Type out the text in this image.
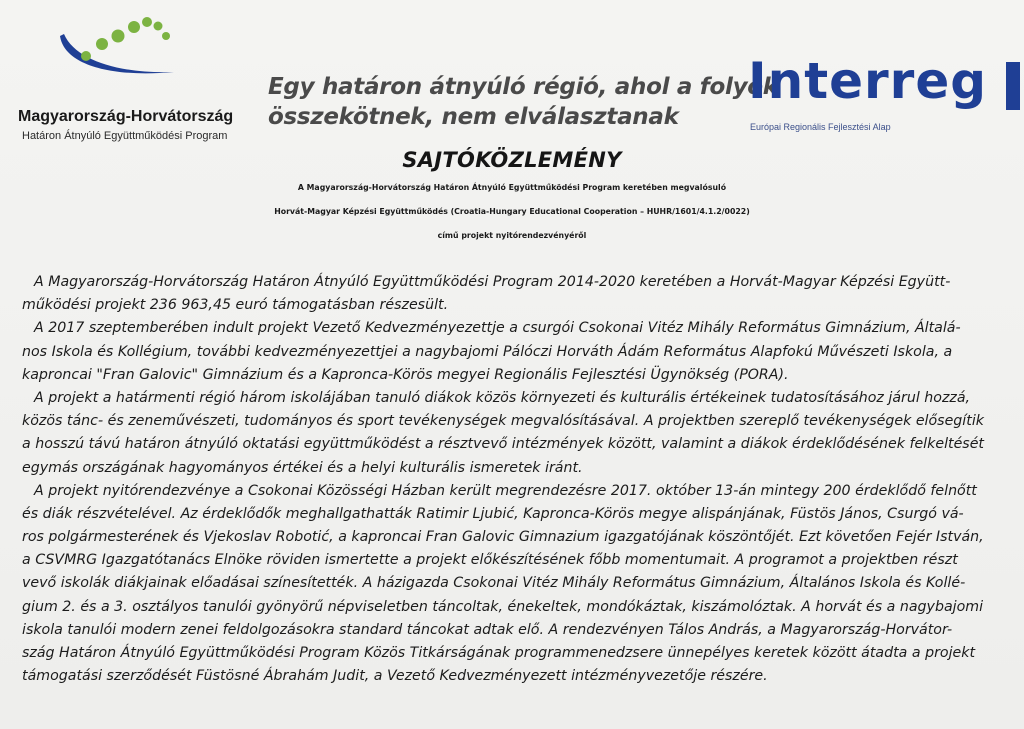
Magyarország-Horvátország
Határon Átnyúló Együttműködési Program
Egy határon átnyúló régió, ahol a folyók
összekötnek, nem elválasztanak
Interreg
Európai Regionális Fejlesztési Alap
SAJTÓKÖZLEMÉNY
A Magyarország-Horvátország Határon Átnyúló Együttműködési Program keretében megvalósuló
Horvát-Magyar Képzési Együttműködés (Croatia-Hungary Educational Cooperation – HUHR/1601/4.1.2/0022)
című projekt nyitórendezvényéről
A Magyarország-Horvátország Határon Átnyúló Együttműködési Program 2014-2020 keretében a Horvát-Magyar Képzési Együtt-
működési projekt 236 963,45 euró támogatásban részesült.
A 2017 szeptemberében indult projekt Vezető Kedvezményezettje a csurgói Csokonai Vitéz Mihály Református Gimnázium, Általá-
nos Iskola és Kollégium, további kedvezményezettjei a nagybajomi Pálóczi Horváth Ádám Református Alapfokú Művészeti Iskola, a
kaproncai "Fran Galovic" Gimnázium és a Kapronca-Körös megyei Regionális Fejlesztési Ügynökség (PORA).
A projekt a határmenti régió három iskolájában tanuló diákok közös környezeti és kulturális értékeinek tudatosításához járul hozzá,
közös tánc- és zeneművészeti, tudományos és sport tevékenységek megvalósításával. A projektben szereplő tevékenységek elősegítik
a hosszú távú határon átnyúló oktatási együttműködést a résztvevő intézmények között, valamint a diákok érdeklődésének felkeltését
egymás országának hagyományos értékei és a helyi kulturális ismeretek iránt.
A projekt nyitórendezvénye a Csokonai Közösségi Házban került megrendezésre 2017. október 13-án mintegy 200 érdeklődő felnőtt
és diák részvételével. Az érdeklődők meghallgathatták Ratimir Ljubić, Kapronca-Körös megye alispánjának, Füstös János, Csurgó vá-
ros polgármesterének és Vjekoslav Robotić, a kaproncai Fran Galovic Gimnazium igazgatójának köszöntőjét. Ezt követően Fejér István,
a CSVMRG Igazgatótanács Elnöke röviden ismertette a projekt előkészítésének főbb momentumait. A programot a projektben részt
vevő iskolák diákjainak előadásai színesítették. A házigazda Csokonai Vitéz Mihály Református Gimnázium, Általános Iskola és Kollé-
gium 2. és a 3. osztályos tanulói gyönyörű népviseletben táncoltak, énekeltek, mondókáztak, kiszámolóztak. A horvát és a nagybajomi
iskola tanulói modern zenei feldolgozásokra standard táncokat adtak elő. A rendezvényen Tálos András, a Magyarország-Horvátor-
szág Határon Átnyúló Együttműködési Program Közös Titkárságának programmenedzsere ünnepélyes keretek között átadta a projekt
támogatási szerződését Füstösné Ábrahám Judit, a Vezető Kedvezményezett intézményvezetője részére.
